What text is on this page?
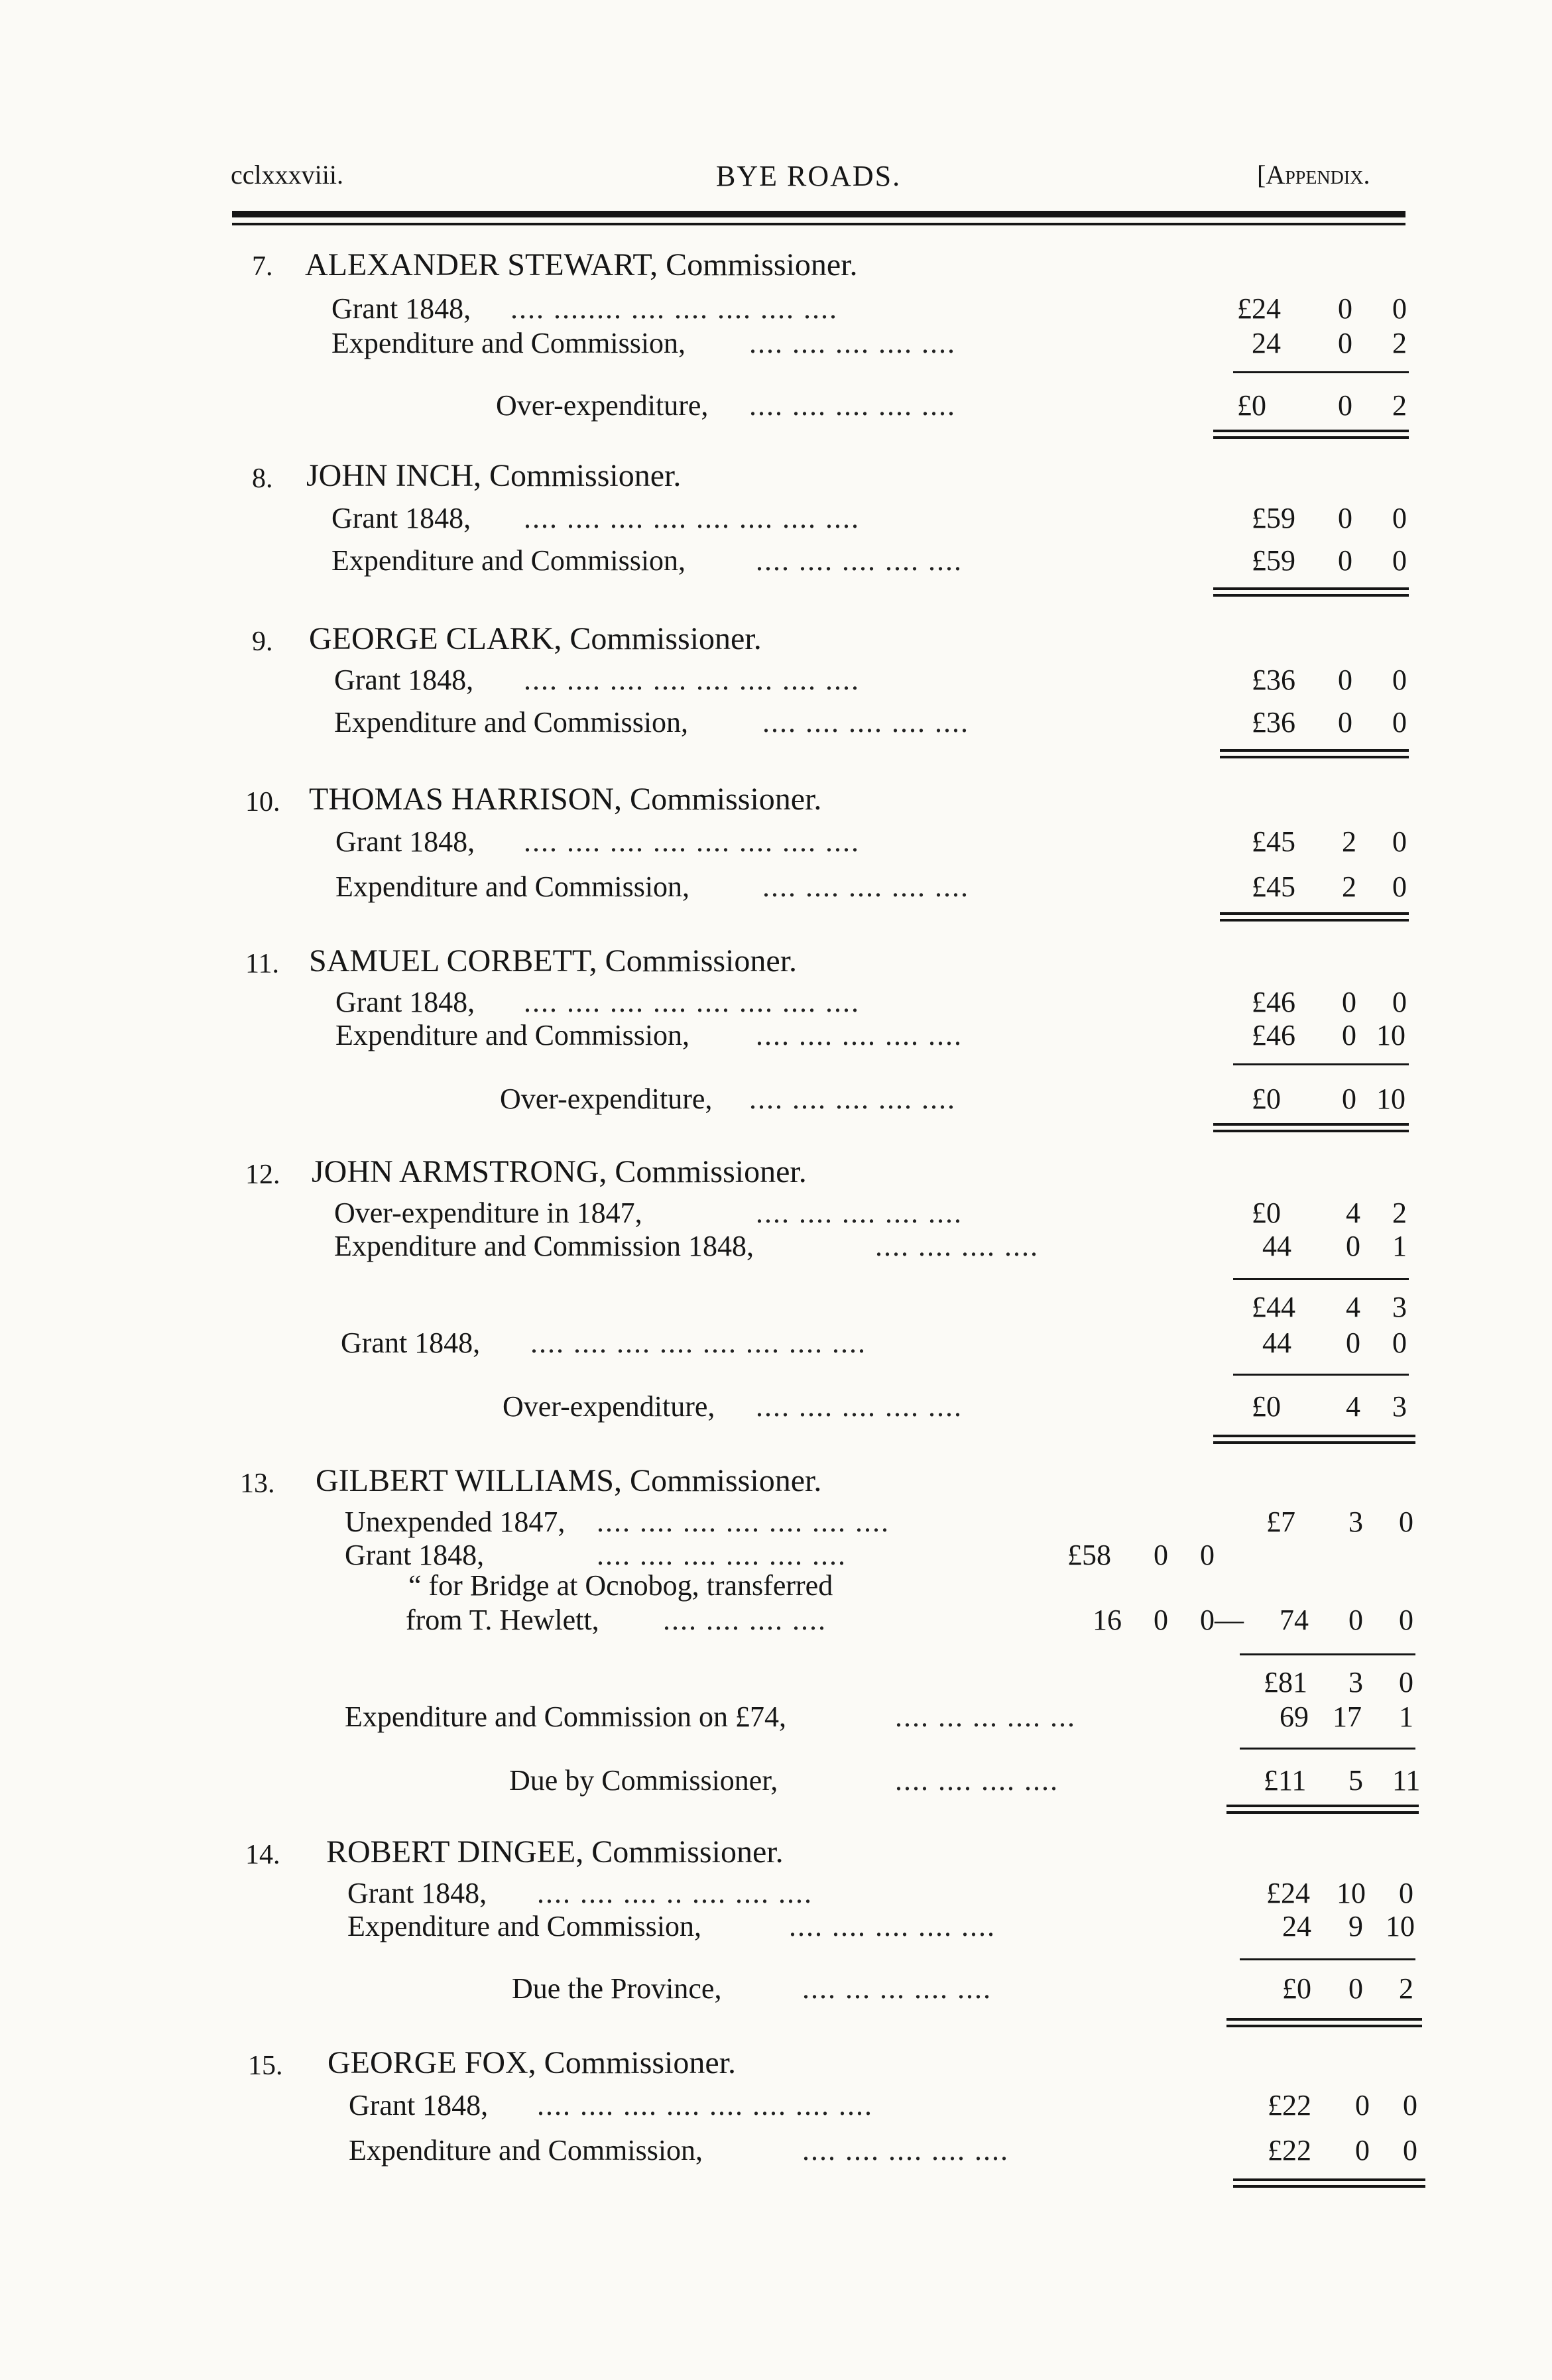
cclxxxviii.	BYE ROADS.	[Appendix.
7. ALEXANDER STEWART, Commissioner.
Grant 1848, .... ........ .... .... .... .... ....	£24 0 0
Expenditure and Commission, .... .... .... .... ....	24 0 2
Over-expenditure, .... .... .... .... ....	£0 0 2
8. JOHN INCH, Commissioner.
Grant 1848, .... .... .... .... .... .... .... ....	£59 0 0
Expenditure and Commission, .... .... .... .... ....	£59 0 0
9. GEORGE CLARK, Commissioner.
Grant 1848, .... .... .... .... .... .... .... ....	£36 0 0
Expenditure and Commission,	.... .... .... .... ....	£36 0 0
10. THOMAS HARRISON, Commissioner.
Grant 1848, .... .... .... .... .... .... .... ....	£45 2 0
Expenditure and Commission, .... .... .... .... ....	£45 2 0
11. SAMUEL CORBETT, Commissioner.
Grant 1848, .... .... .... .... .... .... .... ....	£46 0 0
Expenditure and Commission, .... .... .... .... ....	£46 0 10
Over-expenditure, .... .... .... .... ....	£0 0 10
12. JOHN ARMSTRONG, Commissioner.
Over-expenditure in 1847,	.... .... .... .... ....	£0 4 2
Expenditure and Commission 1848,	.... .... .... ....	44 0 1
£44 4 3
Grant 1848, .... .... .... .... .... .... .... ....	44 0 0
Over-expenditure, .... .... .... .... ....	£0 4 3
13. GILBERT WILLIAMS, Commissioner.
Unexpended 1847, .... .... .... .... .... .... ....	£7 3 0
Grant 1848,	.... .... .... .... .... ....	£58 0 0
“ for Bridge at Ocnobog, transferred
from T. Hewlett, .... .... .... ....	16 0 0— 74 0 0
£81 3 0
Expenditure and Commission on £74,	.... ... ... .... ...	69 17 1
Due by Commissioner,	.... .... .... ....	£11 5 11
14. ROBERT DINGEE, Commissioner.
Grant 1848, .... .... .... .. .... .... ....	£24 10 0
Expenditure and Commission,	.... .... .... .... ....	24 9 10
Due the Province,	.... ... ... .... ....	£0 0 2
15. GEORGE FOX, Commissioner.
Grant 1848, .... .... .... .... .... .... .... ....	£22 0 0
Expenditure and Commission,	.... .... .... .... ....	£22 0 0
